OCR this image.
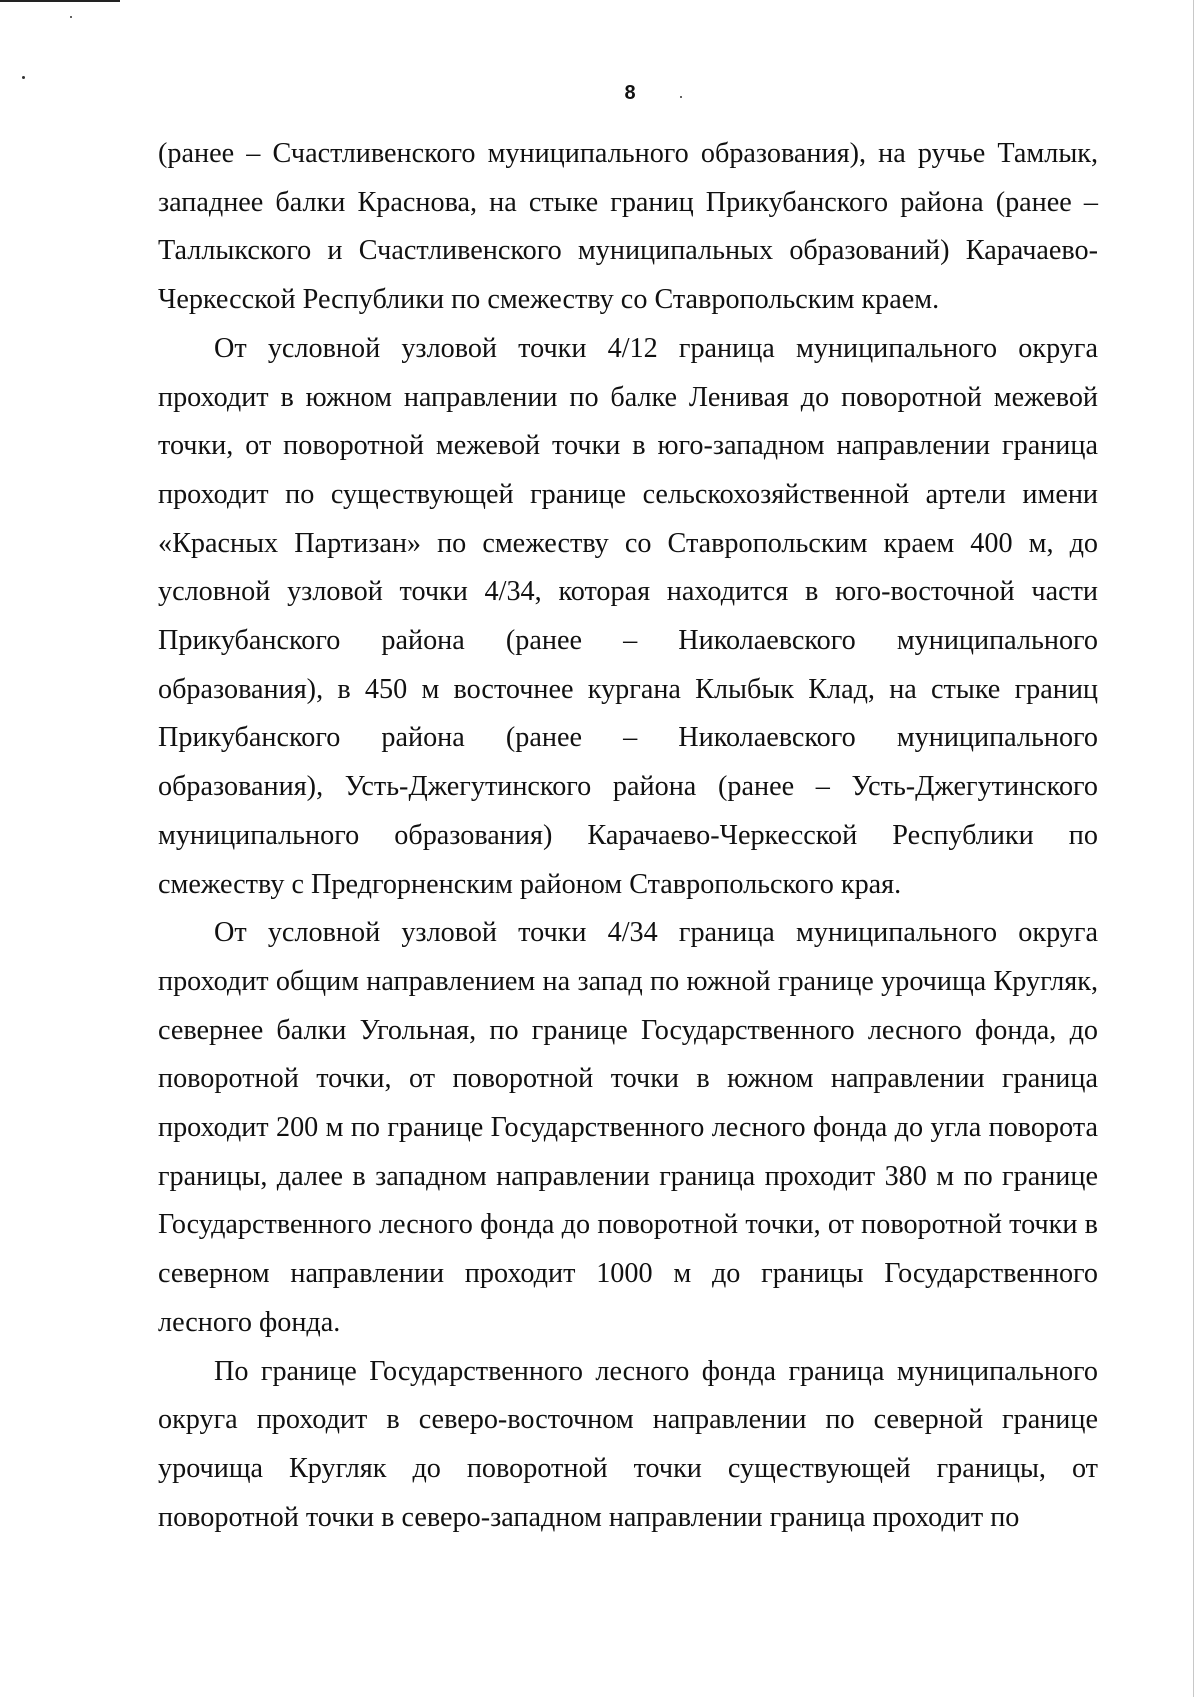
8

(ранее – Счастливенского муниципального образования), на ручье Тамлык, западнее балки Краснова, на стыке границ Прикубанского района (ранее – Таллыкского и Счастливенского муниципальных образований) Карачаево-Черкесской Республики по смежеству со Ставропольским краем.

От условной узловой точки 4/12 граница муниципального округа проходит в южном направлении по балке Ленивая до поворотной межевой точки, от поворотной межевой точки в юго-западном направлении граница проходит по существующей границе сельскохозяйственной артели имени «Красных Партизан» по смежеству со Ставропольским краем 400 м, до условной узловой точки 4/34, которая находится в юго-восточной части Прикубанского района (ранее – Николаевского муниципального образования), в 450 м восточнее кургана Клыбык Клад, на стыке границ Прикубанского района (ранее – Николаевского муниципального образования), Усть-Джегутинского района (ранее – Усть-Джегутинского муниципального образования) Карачаево-Черкесской Республики по смежеству с Предгорненским районом Ставропольского края.

От условной узловой точки 4/34 граница муниципального округа проходит общим направлением на запад по южной границе урочища Кругляк, севернее балки Угольная, по границе Государственного лесного фонда, до поворотной точки, от поворотной точки в южном направлении граница проходит 200 м по границе Государственного лесного фонда до угла поворота границы, далее в западном направлении граница проходит 380 м по границе Государственного лесного фонда до поворотной точки, от поворотной точки в северном направлении проходит 1000 м до границы Государственного лесного фонда.

По границе Государственного лесного фонда граница муниципального округа проходит в северо-восточном направлении по северной границе урочища Кругляк до поворотной точки существующей границы, от поворотной точки в северо-западном направлении граница проходит по
